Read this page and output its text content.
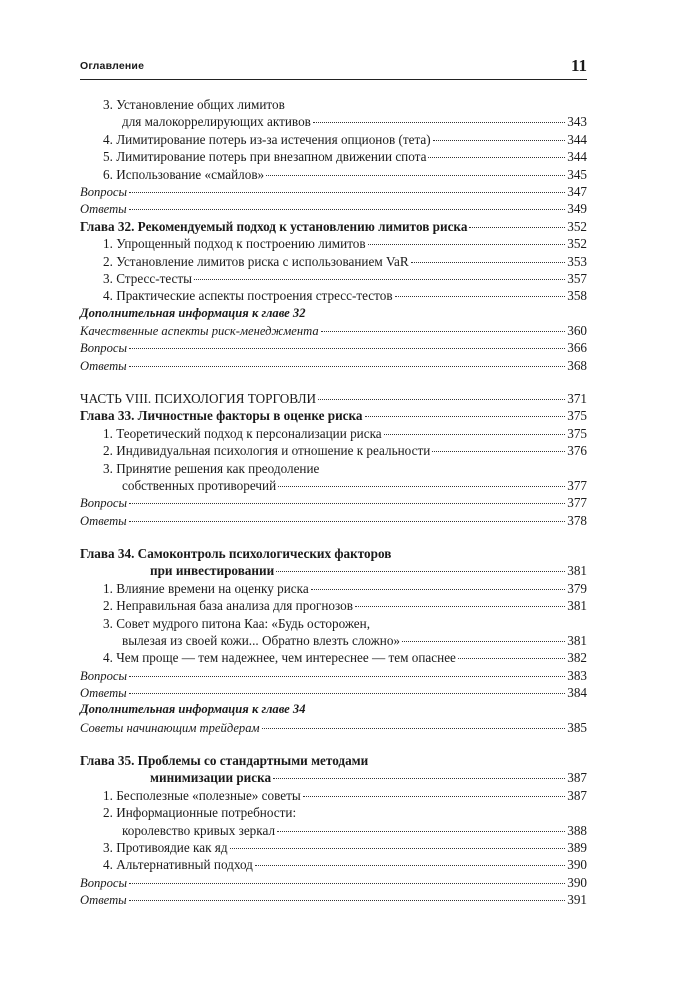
Оглавление	11
3. Установление общих лимитов
для малокоррелирующих активов	343
4. Лимитирование потерь из-за истечения опционов (тета)	344
5. Лимитирование потерь при внезапном движении спота	344
6. Использование «смайлов»	345
Вопросы	347
Ответы	349
Глава 32. Рекомендуемый подход к установлению лимитов риска	352
1. Упрощенный подход к построению лимитов	352
2. Установление лимитов риска с использованием VaR	353
3. Стресс-тесты	357
4. Практические аспекты построения стресс-тестов	358
Дополнительная информация к главе 32
Качественные аспекты риск-менеджмента	360
Вопросы	366
Ответы	368
ЧАСТЬ VIII. ПСИХОЛОГИЯ ТОРГОВЛИ	371
Глава 33. Личностные факторы в оценке риска	375
1. Теоретический подход к персонализации риска	375
2. Индивидуальная психология и отношение к реальности	376
3. Принятие решения как преодоление
собственных противоречий	377
Вопросы	377
Ответы	378
Глава 34. Самоконтроль психологических факторов
при инвестировании	381
1. Влияние времени на оценку риска	379
2. Неправильная база анализа для прогнозов	381
3. Совет мудрого питона Каа: «Будь осторожен,
вылезая из своей кожи... Обратно влезть сложно»	381
4. Чем проще — тем надежнее, чем интереснее — тем опаснее	382
Вопросы	383
Ответы	384
Дополнительная информация к главе 34
Советы начинающим трейдерам	385
Глава 35. Проблемы со стандартными методами
минимизации риска	387
1. Бесполезные «полезные» советы	387
2. Информационные потребности:
королевство кривых зеркал	388
3. Противоядие как яд	389
4. Альтернативный подход	390
Вопросы	390
Ответы	391
